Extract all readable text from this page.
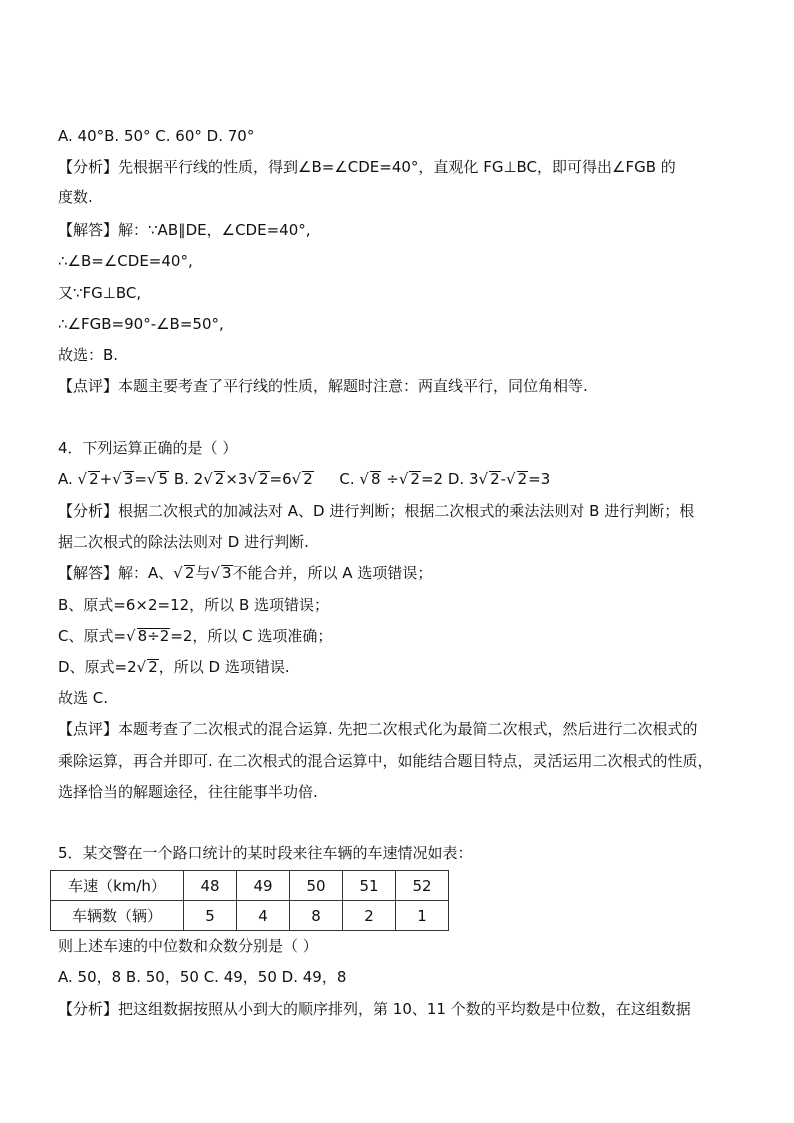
A. 40°B. 50° C. 60° D. 70°
【分析】先根据平行线的性质，得到∠B=∠CDE=40°，直观化 FG⊥BC，即可得出∠FGB 的
度数.
【解答】解：∵AB∥DE，∠CDE=40°,
∴∠B=∠CDE=40°,
又∵FG⊥BC,
∴∠FGB=90°-∠B=50°,
故选：B.
【点评】本题主要考查了平行线的性质，解题时注意：两直线平行，同位角相等.
4．下列运算正确的是（ ）
A. √ 2+ √ 3= √ 5 B. 2 √ 2×3 √ 2=6 √ 2 C. √ 8 ÷ √ 2=2 D. 3 √ 2- √ 2=3
【分析】根据二次根式的加减法对 A、D 进行判断；根据二次根式的乘法法则对 B 进行判断；根
据二次根式的除法法则对 D 进行判断.
【解答】解：A、 √ 2与 √ 3不能合并，所以 A 选项错误；
B、原式=6×2=12，所以 B 选项错误；
C、原式= √ 8÷2=2，所以 C 选项准确；
D、原式=2 √ 2，所以 D 选项错误.
故选 C.
【点评】本题考查了二次根式的混合运算. 先把二次根式化为最简二次根式，然后进行二次根式的
乘除运算，再合并即可. 在二次根式的混合运算中，如能结合题目特点，灵活运用二次根式的性质，
选择恰当的解题途径，往往能事半功倍.
5．某交警在一个路口统计的某时段来往车辆的车速情况如表：
车速（km/h）	48	49	50	51	52
车辆数（辆）	5	4	8	2	1
则上述车速的中位数和众数分别是（ ）
A. 50，8 B. 50，50 C. 49，50 D. 49，8
【分析】把这组数据按照从小到大的顺序排列，第 10、11 个数的平均数是中位数，在这组数据
